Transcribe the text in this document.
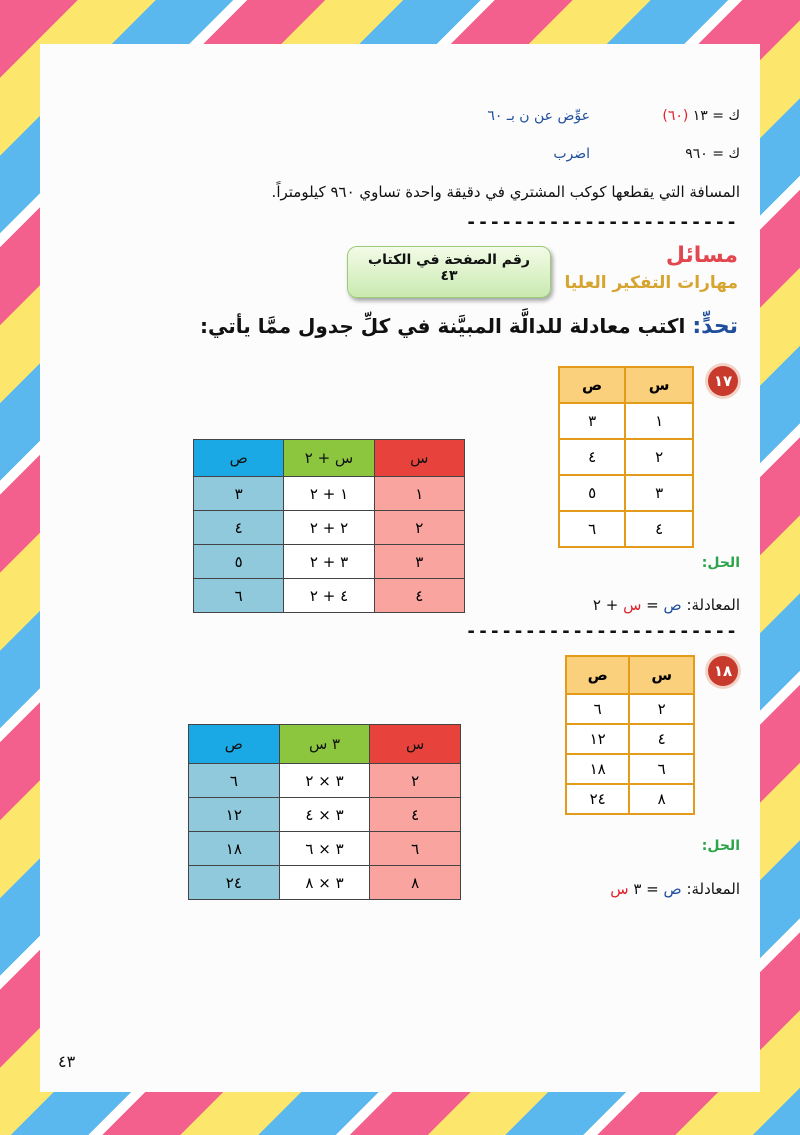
ك = ١٣ (٦٠)
عوِّض عن ن بـ ٦٠
ك = ٩٦٠
اضرب
المسافة التي يقطعها كوكب المشتري في دقيقة واحدة تساوي ٩٦٠ كيلومتراً.
-----------------------
مسائل
مهارات التفكير العليا
رقم الصفحة في الكتاب
٤٣
تحدٍّ: اكتب معادلة للدالَّة المبيَّنة في كلِّ جدول ممَّا يأتي:
١٧
س	ص
١	٣
٢	٤
٣	٥
٤	٦
س	س + ٢	ص
١	١ + ٢	٣
٢	٢ + ٢	٤
٣	٣ + ٢	٥
٤	٤ + ٢	٦
الحل:
المعادلة: ص = س + ٢
-----------------------
١٨
س	ص
٢	٦
٤	١٢
٦	١٨
٨	٢٤
س	٣ س	ص
٢	٣ × ٢	٦
٤	٣ × ٤	١٢
٦	٣ × ٦	١٨
٨	٣ × ٨	٢٤
الحل:
المعادلة: ص = ٣ س
٤٣
